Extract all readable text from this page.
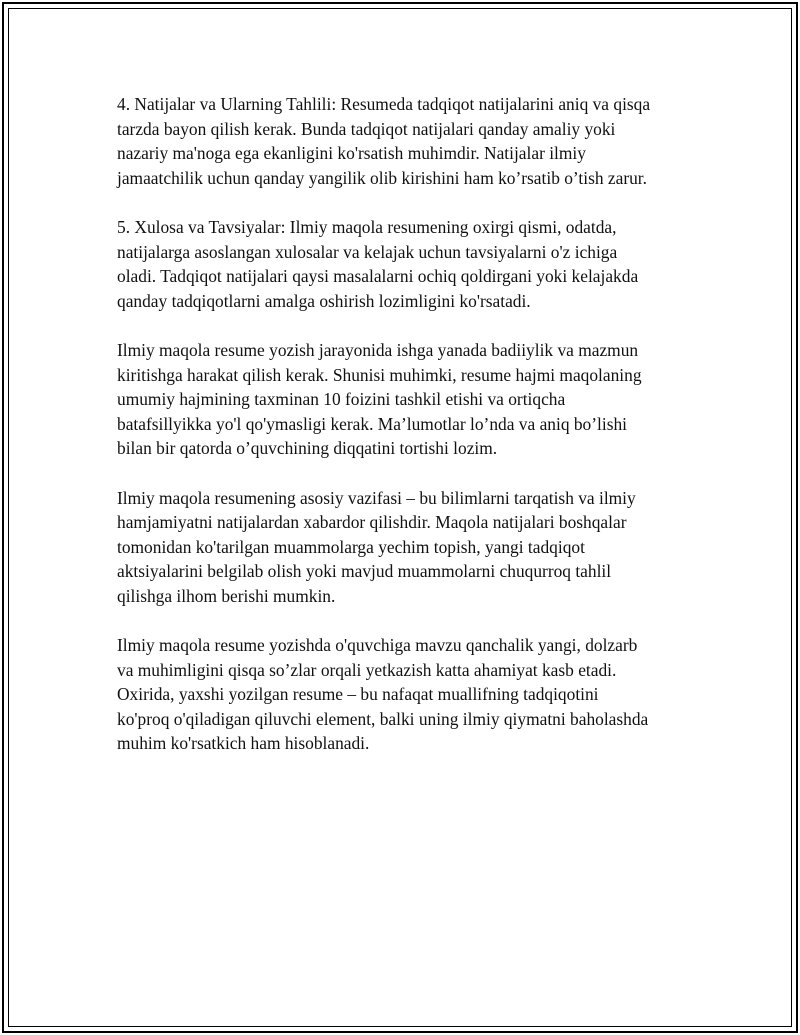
4. Natijalar va Ularning Tahlili: Resumeda tadqiqot natijalarini aniq va qisqa
tarzda bayon qilish kerak. Bunda tadqiqot natijalari qanday amaliy yoki
nazariy ma'noga ega ekanligini ko'rsatish muhimdir. Natijalar ilmiy
jamaatchilik uchun qanday yangilik olib kirishini ham ko’rsatib o’tish zarur.

5. Xulosa va Tavsiyalar: Ilmiy maqola resumening oxirgi qismi, odatda,
natijalarga asoslangan xulosalar va kelajak uchun tavsiyalarni o'z ichiga
oladi. Tadqiqot natijalari qaysi masalalarni ochiq qoldirgani yoki kelajakda
qanday tadqiqotlarni amalga oshirish lozimligini ko'rsatadi.

Ilmiy maqola resume yozish jarayonida ishga yanada badiiylik va mazmun
kiritishga harakat qilish kerak. Shunisi muhimki, resume hajmi maqolaning
umumiy hajmining taxminan 10 foizini tashkil etishi va ortiqcha
batafsillyikka yo'l qo'ymasligi kerak. Ma’lumotlar lo’nda va aniq bo’lishi
bilan bir qatorda o’quvchining diqqatini tortishi lozim.

Ilmiy maqola resumening asosiy vazifasi – bu bilimlarni tarqatish va ilmiy
hamjamiyatni natijalardan xabardor qilishdir. Maqola natijalari boshqalar
tomonidan ko'tarilgan muammolarga yechim topish, yangi tadqiqot
aktsiyalarini belgilab olish yoki mavjud muammolarni chuqurroq tahlil
qilishga ilhom berishi mumkin.

Ilmiy maqola resume yozishda o'quvchiga mavzu qanchalik yangi, dolzarb
va muhimligini qisqa so’zlar orqali yetkazish katta ahamiyat kasb etadi.
Oxirida, yaxshi yozilgan resume – bu nafaqat muallifning tadqiqotini
ko'proq o'qiladigan qiluvchi element, balki uning ilmiy qiymatni baholashda
muhim ko'rsatkich ham hisoblanadi.
